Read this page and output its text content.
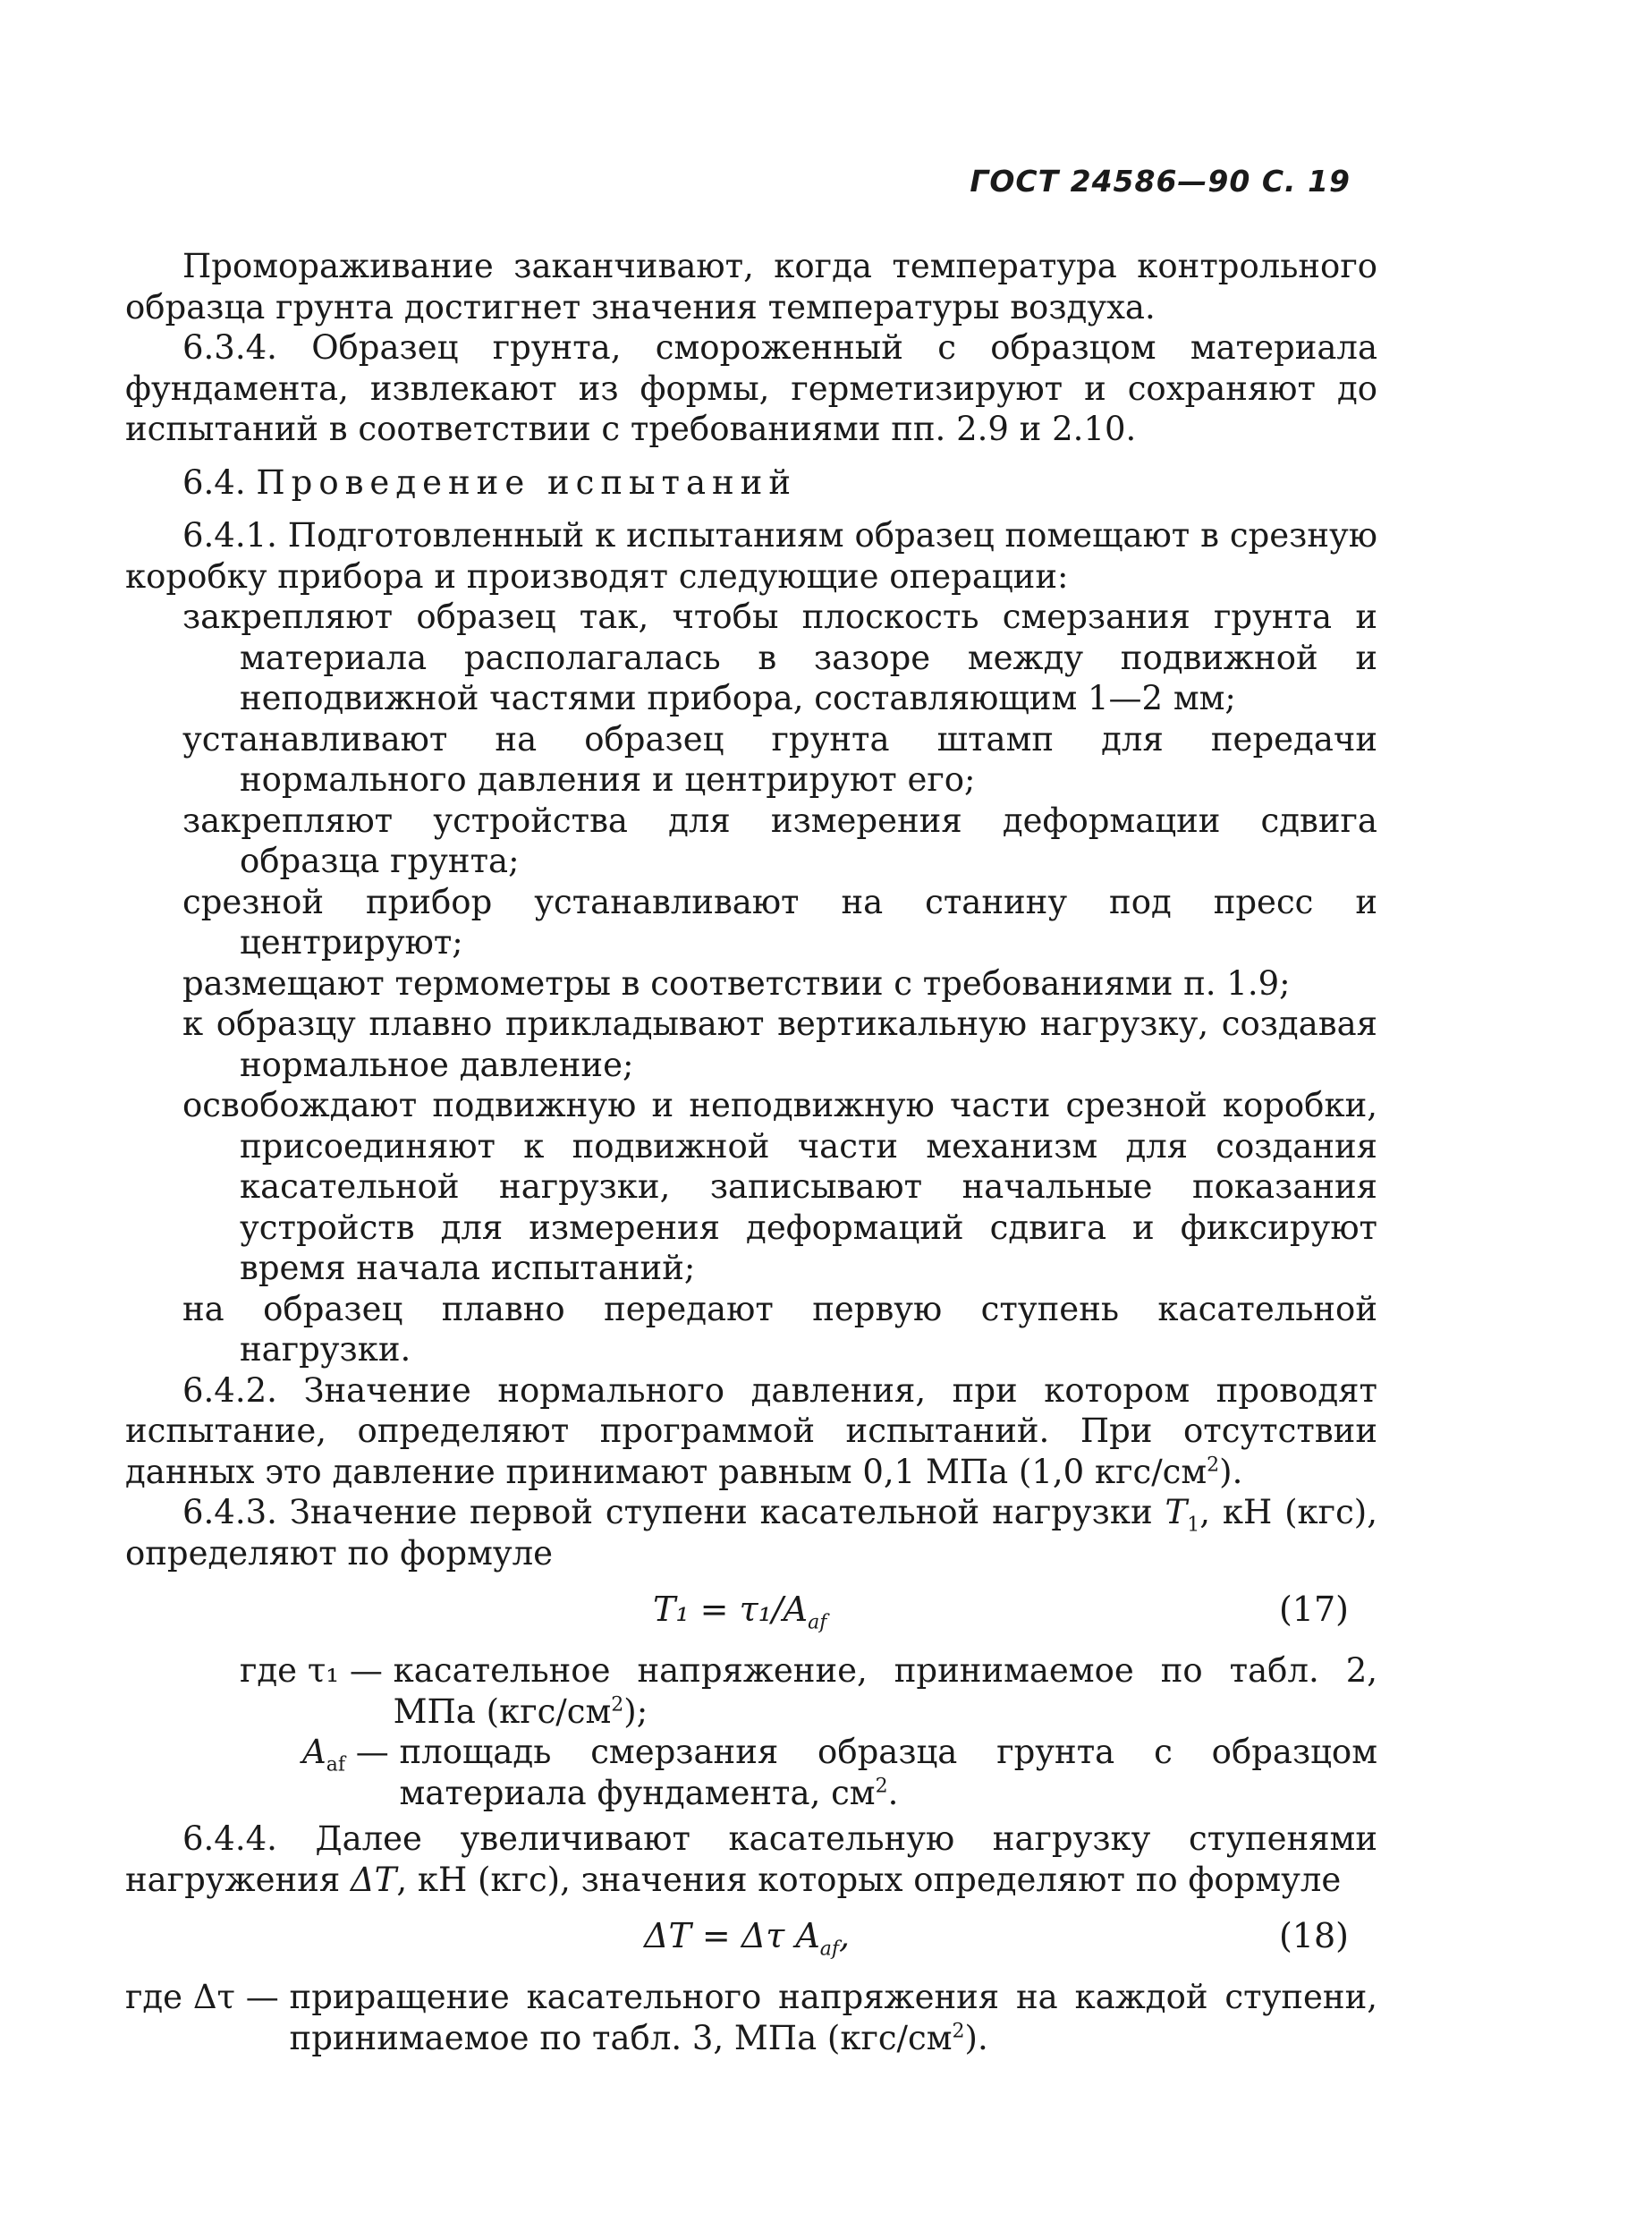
ГОСТ 24586—90 С. 19

Промораживание заканчивают, когда температура контрольного образца грунта достигнет значения температуры воздуха.

6.3.4. Образец грунта, смороженный с образцом материала фундамента, извлекают из формы, герметизируют и сохраняют до испытаний в соответствии с требованиями пп. 2.9 и 2.10.

6.4. Проведение испытаний

6.4.1. Подготовленный к испытаниям образец помещают в срезную коробку прибора и производят следующие операции:

закрепляют образец так, чтобы плоскость смерзания грунта и материала располагалась в зазоре между подвижной и неподвижной частями прибора, составляющим 1—2 мм;

устанавливают на образец грунта штамп для передачи нормального давления и центрируют его;

закрепляют устройства для измерения деформации сдвига образца грунта;

срезной прибор устанавливают на станину под пресс и центрируют;

размещают термометры в соответствии с требованиями п. 1.9;

к образцу плавно прикладывают вертикальную нагрузку, создавая нормальное давление;

освобождают подвижную и неподвижную части срезной коробки, присоединяют к подвижной части механизм для создания касательной нагрузки, записывают начальные показания устройств для измерения деформаций сдвига и фиксируют время начала испытаний;

на образец плавно передают первую ступень касательной нагрузки.

6.4.2. Значение нормального давления, при котором проводят испытание, определяют программой испытаний. При отсутствии данных это давление принимают равным 0,1 МПа (1,0 кгс/$см^2$).

6.4.3. Значение первой ступени касательной нагрузки $T_1$, кН (кгс), определяют по формуле

$T_1 = \tau_1/A_{af}$	(17)
где τ₁ — касательное напряжение, принимаемое по табл. 2, МПа $(кгс/см^2)$;
$A_{af}$ — площадь смерзания образца грунта с образцом материала фундамента, $см^2$.

6.4.4. Далее увеличивают касательную нагрузку ступенями нагружения ΔT, кН (кгс), значения которых определяют по формуле

ΔT = Δτ $A_{af}$,	(18)
где Δτ — приращение касательного напряжения на каждой ступени, принимаемое по табл. 3, МПа $(кгс/см^2)$.
